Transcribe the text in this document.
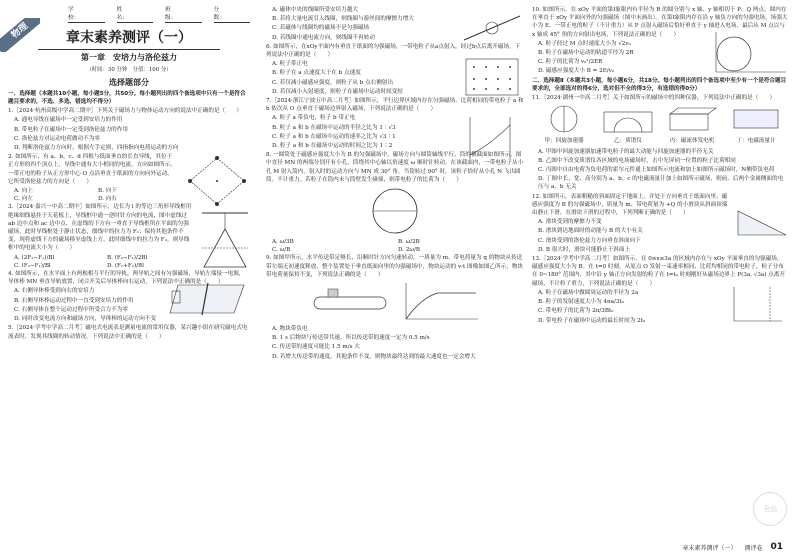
物理
学校：
姓名：
班级：
分数：
章末素养测评（一）
第一章　安培力与洛伦兹力
（时间：30 分钟　分值：100 分）
选择题部分

一、选择题（本题共10小题，每小题5分，共50分。每小题列出的四个备选项中只有一个是符合题目要求的，不选、多选、错选均不得分）

1.［2024·杭州高级中学高二期中］下列关于磁场力与物体运动方向的说法中正确的是（　　）

A. 通电导线在磁场中一定受到安培力的作用

B. 带电粒子在磁场中一定受到洛伦兹力的作用

C. 洛伦兹力对运动电荷做功不为零

D. 判断洛伦兹力方向时，根据左手定则，四指指向电荷运动的方向

2. 如图所示，有 a、b、c、d 四根与纸面垂直的长直导线，其位于正方形的四个顶点上，导线中通有大小相同的电流，方向如图所示。一带正电的粒子从正方形中心 O 点沿垂直于纸面的方向向外运动，它所受洛伦兹力的方向是（　　）

A. 向上	B. 向下
C. 向左	D. 向右

3.［2024·嘉兴一中高二期中］如图所示，边长为 l 的等边三角形导线框用绝缘细线悬挂于天花板上，导线框中通一逆时针方向的电流，图中虚线过 ab 边中点和 ac 边中点，在虚线的下方有一垂直于导线框所在平面的匀强磁场，此时导线框处于静止状态，细线中的拉力为 F₁；保持其他条件不变，现将虚线下方的磁场移至虚线上方，此时细线中的拉力为 F₂。则导线框中的电流大小为（　　）

A. (2F₂−F₁)/Bl	B. (F₂−F₁)/2Bl
C. (F₂−F₁)/Bl	D. (F₁+F₂)/Bl

4. 如图所示，在水平面上有两根相互平行的导轨，两导轨之间有匀强磁场，导轨左端接一电源，导体棒 MN 垂直导轨放置，闭合开关后导体棒向右运动，下列说法中正确的是（　　）

A. 右侧导体棒受到向右的安培力

B. 右侧导体棒运动过程中一直受到安培力的作用

C. 右侧导体在整个运动过程中所受合力不为零

D. 同时改变电流方向和磁场方向，导体棒的运动方向不变

5.［2024·学考中学高二月考］磁电式电流表是测量电流的常用仪器，某兴趣小组在研究磁电式电流表时，发现其线圈的转动情况。下列说法中正确的是（　　）

A. 磁体中央的线圈所受安培力越大

B. 若将大量电流引入线圈，则线圈与游丝间的摩擦力增大

C. 若磁体与线圈均的磁场不是匀强磁场

D. 若线圈中通电流方向，则线圈不再转动

6. 如图所示，在xOy平面内有垂直于纸面的匀强磁场，一带电粒子从a点射入，经过b点后离开磁场，下列说法中正确的是（　　）

A. 粒子带正电

B. 粒子在 a 点速度大于在 b 点速度

C. 若仅减小磁感应强度，则粒子从 b 点右侧射出

D. 若仅减小入射速度，则粒子在磁场中运动时间变短

7.［2024·浙江宁波五中高二月考］如图所示，平行边界区域内存在匀强磁场，比荷相同的带电粒子 a 和 b 依次从 O 点垂直于磁场边界射入磁场，下列说法正确的是（　　）

A. 粒子 a 带负电，粒子 b 带正电

B. 粒子 a 和 b 在磁场中运动的半径之比为 1∶√3

C. 粒子 a 和 b 在磁场中运动的速率之比为 √3∶1

D. 粒子 a 和 b 在磁场中运动的时间之比为 1∶2

8. 一圆筒处于磁感应强度大小为 B 的匀强磁场中，磁场方向与圆筒轴线平行，筒的横截面如图所示。图中直径 MN 的两端分别开有小孔，筒绕其中心轴以角速度 ω 顺时针转动。在该截面内，一带电粒子从小孔 M 射入筒内，射入时的运动方向与 MN 成 30° 角。当筒转过 90° 时，该粒子恰好从小孔 N 飞出圆筒。不计重力。若粒子在筒内未与筒壁发生碰撞，则带电粒子的比荷为（　　）

A. ω/3B	B. ω/2B
C. ω/B	D. 2ω/B

9. 如图甲所示，水平传送带足够长，沿顺时针方向匀速转动，一质量为 m、带电荷量为 q 的物块从传送带左端无初速度释放，整个装置处于垂直纸面向里的匀强磁场中，物块运动的 v-t 图像如图乙所示，物块带电荷量保持不变，下列说法正确的是（　　）

A. 物块带负电

B. 1 s 后物块与传送带共速，所以传送带的速度一定为 0.5 m/s

C. 传送带的速度可能比 1.5 m/s 大

D. 若增大传送带的速度，其他条件不变，则物块最终达到的最大速度也一定会增大

10. 如图所示，在 xOy 平面的第Ⅰ象限内有半径为 R 的圆分别与 x 轴、y 轴相切于 P、Q 两点，圆内存在垂直于 xOy 平面向外的匀强磁场（图中未画出）。在第Ⅰ象限内存在沿 y 轴负方向的匀强电场，场强大小为 E。一带正电的粒子（不计重力）从 P 点射入磁场后恰好垂直于 y 轴进入电场，最后从 M 点以与 x 轴成 45° 角的方向射出电场，下列说法正确的是（　　）

A. 粒子经过 M 点时速度大小为 √2v₀

B. 粒子在磁场中运动的轨道半径为 2R

C. 粒子的比荷为 v₀²/2ER

D. 磁感应强度大小 B = 2E/v₀

二、选择题Ⅱ（本题共3小题，每小题6分，共18分。每小题列出的四个备选项中至少有一个是符合题目要求的，全部选对的得6分，选对但不全的得3分，有选错的得0分）

11.［2024·湖州一中高二月考］关于如图所示的磁场中的四种仪器，下列说法中正确的是（　　）

甲：回旋加速器	乙：质谱仪	丙：磁流体发电机	丁：电磁流量计

A. 甲图中回旋加速器加速带电粒子的最大动能与回旋加速器的半径无关

B. 乙图中不改变质谱仪各区域的电场磁场时，击中光屏同一位置的粒子比荷相同

C. 丙图中自由电荷为负电荷的霍尔元件通上如图所示电流和加上如图所示磁场时，N侧带负电荷

D. 丁图中长、宽、高分别为 a、b、c 的电磁流量计加上如图所示磁场，则前、后两个金属侧面的电压与 a、b 无关

12. 如图所示，表面粗糙的斜面固定于地面上，并处于方向垂直于纸面向里、磁感应强度为 B 的匀强磁场中，质量为 m、带电荷量为 +Q 的小滑块从斜面顶端由静止下滑，在滑块下滑的过程中，下列判断正确的是（　　）

A. 滑块受到的摩擦力不变

B. 滑块到达地面时的动能与 B 的大小有关

C. 滑块受到的洛伦兹力方向垂直斜面向下

D. B 很大时，滑块可能静止于斜面上

13.［2024·学考中学高二月考］如图所示，在 0≤x≤3a 的区域内存在与 xOy 平面垂直的匀强磁场，磁感应强度大小为 B。在 t=0 时刻，从原点 O 发射一束速率相同、比荷均相同的带电粒子，粒子分布在 0~180° 范围内，其中沿 y 轴正方向发射的粒子在 t=t₀ 时刻刚好从磁场边界上 P(3a, √3a) 点离开磁场，不计粒子重力，下列说法正确的是（　　）

A. 粒子在磁场中做圆周运动的半径为 2a

B. 粒子的发射速度大小为 4πa/3t₀

C. 带电粒子的比荷为 2π/3Bt₀

D. 带电粒子在磁场中运动的最长时间为 2t₀

全品
章末素养测评（一） 测评卷 01
